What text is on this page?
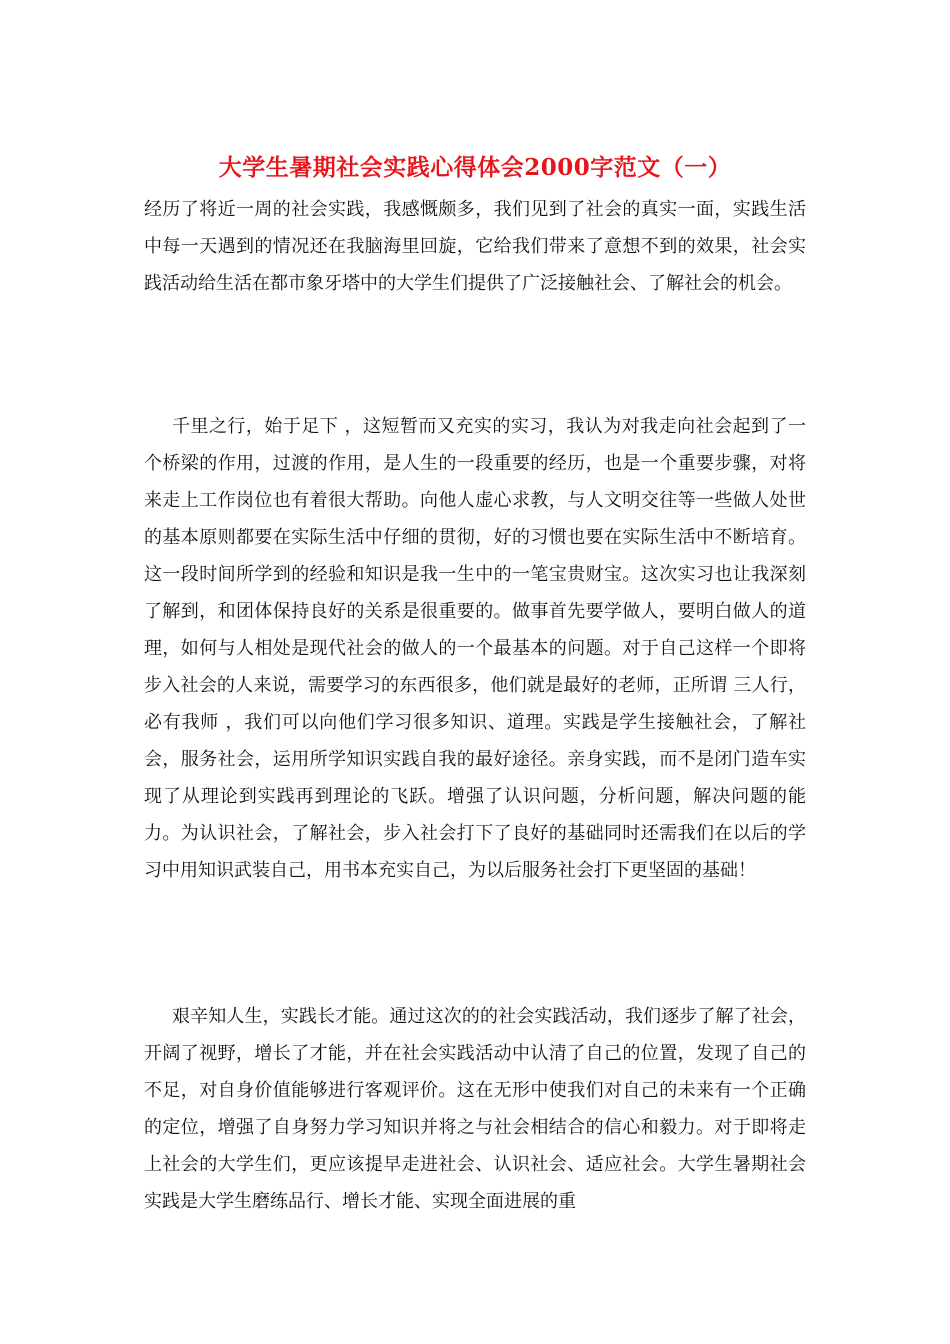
大学生暑期社会实践心得体会2000字范文（一）

经历了将近一周的社会实践，我感慨颇多，我们见到了社会的真实一面，实践生活中每一天遇到的情况还在我脑海里回旋，它给我们带来了意想不到的效果，社会实践活动给生活在都市象牙塔中的大学生们提供了广泛接触社会、了解社会的机会。

千里之行，始于足下 ，这短暂而又充实的实习，我认为对我走向社会起到了一个桥梁的作用，过渡的作用，是人生的一段重要的经历，也是一个重要步骤，对将来走上工作岗位也有着很大帮助。向他人虚心求教，与人文明交往等一些做人处世的基本原则都要在实际生活中仔细的贯彻，好的习惯也要在实际生活中不断培育。这一段时间所学到的经验和知识是我一生中的一笔宝贵财宝。这次实习也让我深刻了解到，和团体保持良好的关系是很重要的。做事首先要学做人，要明白做人的道理，如何与人相处是现代社会的做人的一个最基本的问题。对于自己这样一个即将步入社会的人来说，需要学习的东西很多，他们就是最好的老师，正所谓 三人行，必有我师 ，我们可以向他们学习很多知识、道理。实践是学生接触社会，了解社会，服务社会，运用所学知识实践自我的最好途径。亲身实践，而不是闭门造车实现了从理论到实践再到理论的飞跃。增强了认识问题，分析问题，解决问题的能力。为认识社会，了解社会，步入社会打下了良好的基础同时还需我们在以后的学习中用知识武装自己，用书本充实自己，为以后服务社会打下更坚固的基础！

艰辛知人生，实践长才能。通过这次的的社会实践活动，我们逐步了解了社会，开阔了视野，增长了才能，并在社会实践活动中认清了自己的位置，发现了自己的不足，对自身价值能够进行客观评价。这在无形中使我们对自己的未来有一个正确的定位，增强了自身努力学习知识并将之与社会相结合的信心和毅力。对于即将走上社会的大学生们，更应该提早走进社会、认识社会、适应社会。大学生暑期社会实践是大学生磨练品行、增长才能、实现全面进展的重
